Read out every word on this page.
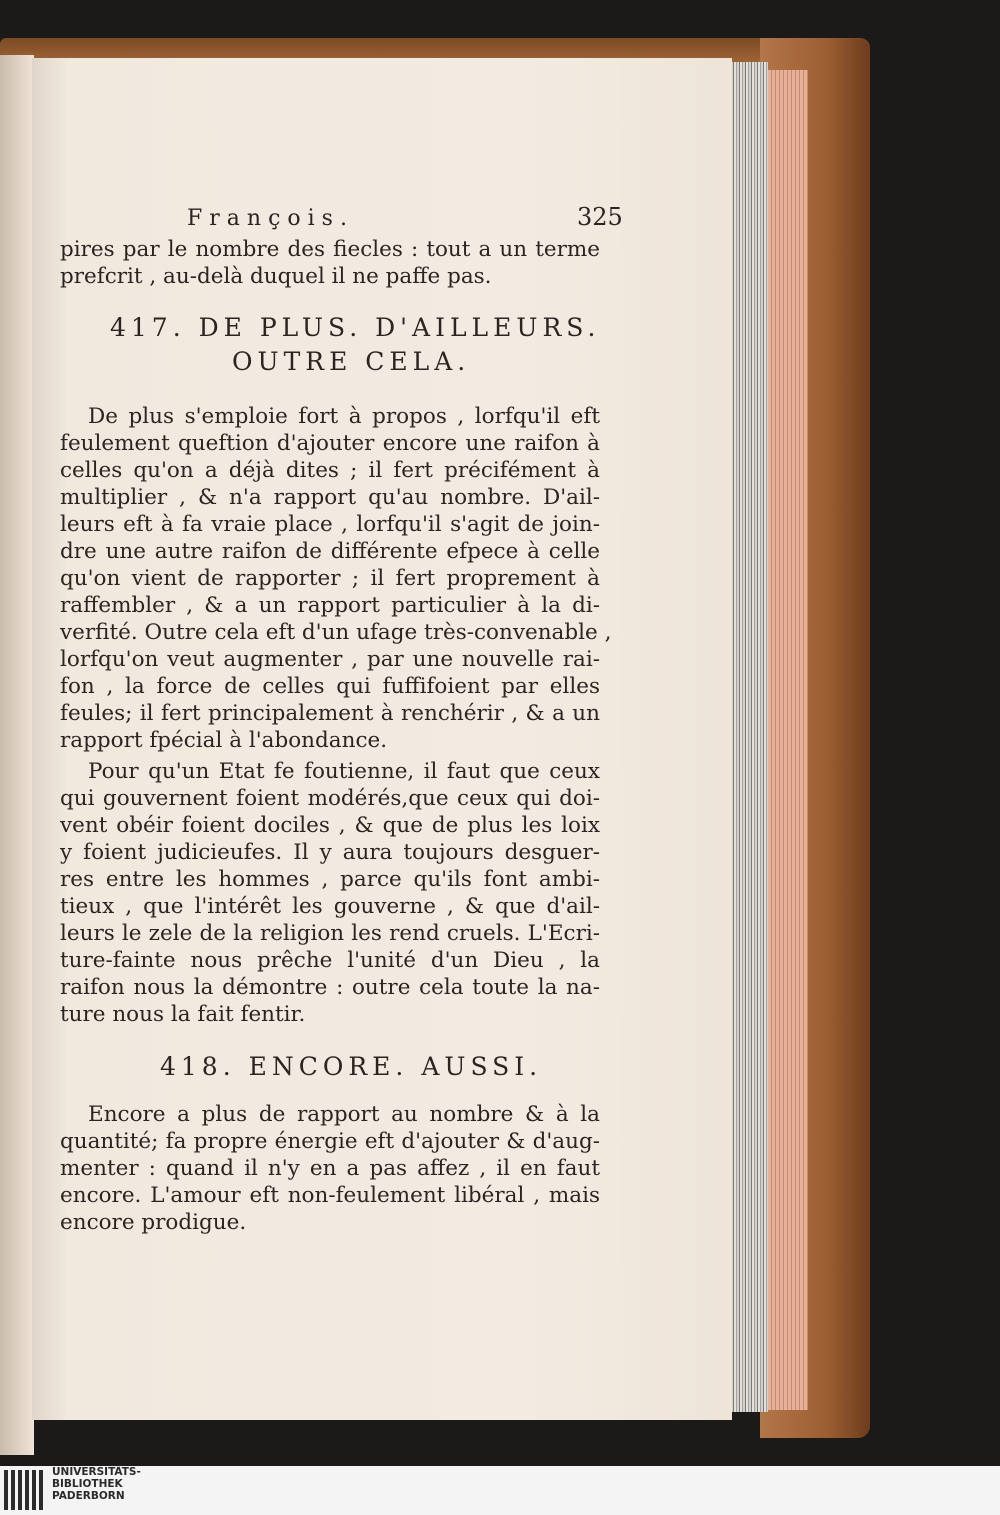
François.	325
pires par le nombre des fiecles : tout a un terme
prefcrit , au-delà duquel il ne paffe pas.
417. DE PLUS. D'AILLEURS.
OUTRE CELA.
De plus s'emploie fort à propos , lorfqu'il eft
feulement queftion d'ajouter encore une raifon à
celles qu'on a déjà dites ; il fert précifément à
multiplier , & n'a rapport qu'au nombre. D'ail-
leurs eft à fa vraie place , lorfqu'il s'agit de join-
dre une autre raifon de différente efpece à celle
qu'on vient de rapporter ; il fert proprement à
raffembler , & a un rapport particulier à la di-
verfité. Outre cela eft d'un ufage très-convenable ,
lorfqu'on veut augmenter , par une nouvelle rai-
fon , la force de celles qui fuffifoient par elles
feules; il fert principalement à renchérir , & a un
rapport fpécial à l'abondance.
Pour qu'un Etat fe foutienne, il faut que ceux
qui gouvernent foient modérés,que ceux qui doi-
vent obéir foient dociles , & que de plus les loix
y foient judicieufes. Il y aura toujours desguer-
res entre les hommes , parce qu'ils font ambi-
tieux , que l'intérêt les gouverne , & que d'ail-
leurs le zele de la religion les rend cruels. L'Ecri-
ture-fainte nous prêche l'unité d'un Dieu , la
raifon nous la démontre : outre cela toute la na-
ture nous la fait fentir.
418. ENCORE. AUSSI.
Encore a plus de rapport au nombre & à la
quantité; fa propre énergie eft d'ajouter & d'aug-
menter : quand il n'y en a pas affez , il en faut
encore. L'amour eft non-feulement libéral , mais
encore prodigue.
UNIVERSITÄTS-
BIBLIOTHEK
PADERBORN
